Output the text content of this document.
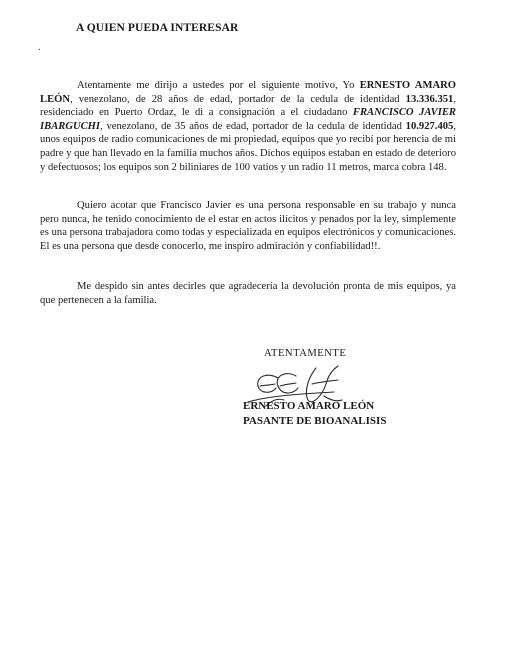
A QUIEN PUEDA INTERESAR
.

Atentamente me dirijo a ustedes por el siguiente motivo, Yo ERNESTO AMARO LEÓN, venezolano, de 28 años de edad, portador de la cedula de identidad 13.336.351, residenciado en Puerto Ordaz, le di a consignación a el ciudadano FRANCISCO JAVIER IBARGUCHI, venezolano, de 35 años de edad, portador de la cedula de identidad 10.927.405, unos equipos de radio comunicaciones de mi propiedad, equipos que yo recibí por herencia de mi padre y que han llevado en la familia muchos años. Dichos equipos estaban en estado de deterioro y defectuosos; los equipos son 2 biliniares de 100 vatios y un radio 11 metros, marca cobra 148.

Quiero acotar que Francisco Javier es una persona responsable en su trabajo y nunca pero nunca, he tenido conocimiento de el estar en actos ilícitos y penados por la ley, simplemente es una persona trabajadora como todas y especializada en equipos electrónicos y comunicaciones. El es una persona que desde conocerlo, me inspiro admiración y confiabilidad!!.

Me despido sin antes decirles que agradecería la devolución pronta de mis equipos, ya que pertenecen a la familia.

ATENTAMENTE
ERNESTO AMARO LEÓN
PASANTE DE BIOANALISIS
